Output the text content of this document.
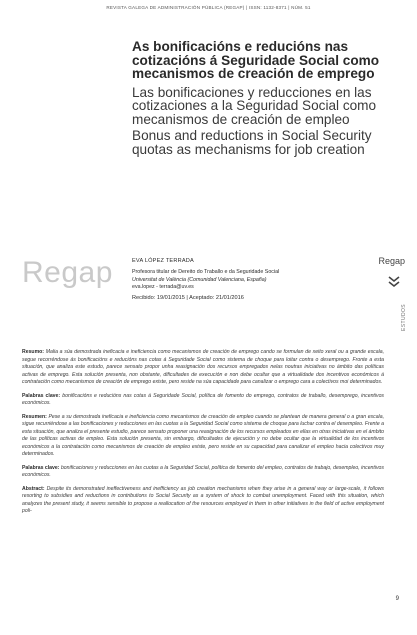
REVISTA GALEGA DE ADMINISTRACIÓN PÚBLICA (REGAP) | ISSN: 1132-8371 | NÚM. 51
As bonificacións e reducións nas cotizacións á Seguridade Social como mecanismos de creación de emprego
Las bonificaciones y reducciones en las cotizaciones a la Seguridad Social como mecanismos de creación de empleo
Bonus and reductions in Social Security quotas as mechanisms for job creation
Regap	EVA LÓPEZ TERRADA
Profesora titular de Dereito do Traballo e da Seguridade Social
Universitat de València (Comunidad Valenciana, España)
eva.lopez - terrada@uv.es
Recibido: 19/01/2015 | Aceptado: 21/01/2016
Regap
ESTUDOS

Resumo: Malia a súa demostrada ineficacia e ineficiencia como mecanismos de creación de emprego cando se formulan de xeito xeral ou a grande escala, segue recorréndose ás bonificacións e reducións nas cotas á Seguridade Social como sistema de choque para loitar contra o desemprego. Fronte a esta situación, que analiza este estudo, parece sensato propor unha reasignación dos recursos empregados nelas noutras iniciativas no ámbito das políticas activas de emprego. Esta solución presenta, non obstante, dificultades de execución e non debe ocultar que a virtualidade dos incentivos económicos á contratación como mecanismos de creación de emprego existe, pero reside na súa capacidade para canalizar o emprego cara a colectivos moi determinados.

Palabras clave: bonificacións e reducións nas cotas á Seguridade Social, política de fomento do emprego, contratos de traballo, desemprego, incentivos económicos.

Resumen: Pese a su demostrada ineficacia e ineficiencia como mecanismos de creación de empleo cuando se plantean de manera general o a gran escala, sigue recurriéndose a las bonificaciones y reducciones en las cuotas a la Seguridad Social como sistema de choque para luchar contra el desempleo. Frente a esta situación, que analiza el presente estudio, parece sensato proponer una reasignación de los recursos empleados en ellas en otras iniciativas en el ámbito de las políticas activas de empleo. Esta solución presenta, sin embargo, dificultades de ejecución y no debe ocultar que la virtualidad de los incentivos económicos a la contratación como mecanismos de creación de empleo existe, pero reside en su capacidad para canalizar el empleo hacia colectivos muy determinados.

Palabras clave: bonificaciones y reducciones en las cuotas a la Seguridad Social, política de fomento del empleo, contratos de trabajo, desempleo, incentivos económicos.

Abstract: Despite its demonstrated ineffectiveness and inefficiency as job creation mechanisms when they arise in a general way or large-scale, it follows resorting to subsidies and reductions in contributions to Social Security as a system of shock to combat unemployment. Faced with this situation, which analyzes the present study, it seems sensible to propose a reallocation of the resources employed in them in other initiatives in the field of active employment poli-

9
